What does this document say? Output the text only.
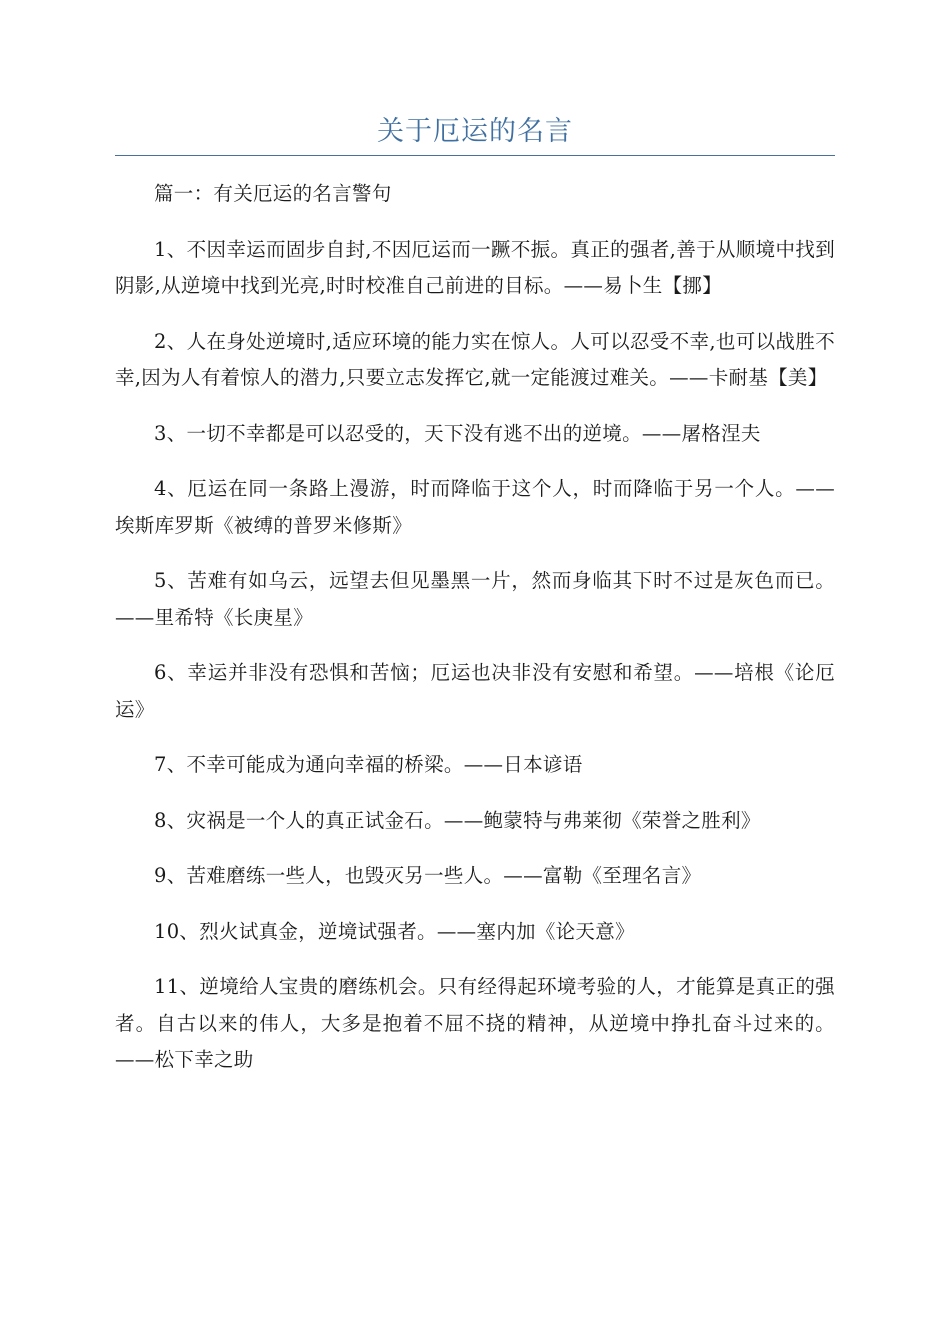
关于厄运的名言

篇一：有关厄运的名言警句

1、不因幸运而固步自封,不因厄运而一蹶不振。真正的强者,善于从顺境中找到阴影,从逆境中找到光亮,时时校准自己前进的目标。——易卜生【挪】

2、人在身处逆境时,适应环境的能力实在惊人。人可以忍受不幸,也可以战胜不幸,因为人有着惊人的潜力,只要立志发挥它,就一定能渡过难关。——卡耐基【美】

3、一切不幸都是可以忍受的，天下没有逃不出的逆境。——屠格涅夫

4、厄运在同一条路上漫游，时而降临于这个人，时而降临于另一个人。——埃斯库罗斯《被缚的普罗米修斯》

5、苦难有如乌云，远望去但见墨黑一片，然而身临其下时不过是灰色而已。——里希特《长庚星》

6、幸运并非没有恐惧和苦恼；厄运也决非没有安慰和希望。——培根《论厄运》

7、不幸可能成为通向幸福的桥梁。——日本谚语

8、灾祸是一个人的真正试金石。——鲍蒙特与弗莱彻《荣誉之胜利》

9、苦难磨练一些人，也毁灭另一些人。——富勒《至理名言》

10、烈火试真金，逆境试强者。——塞内加《论天意》

11、逆境给人宝贵的磨练机会。只有经得起环境考验的人，才能算是真正的强者。自古以来的伟人，大多是抱着不屈不挠的精神，从逆境中挣扎奋斗过来的。——松下幸之助
